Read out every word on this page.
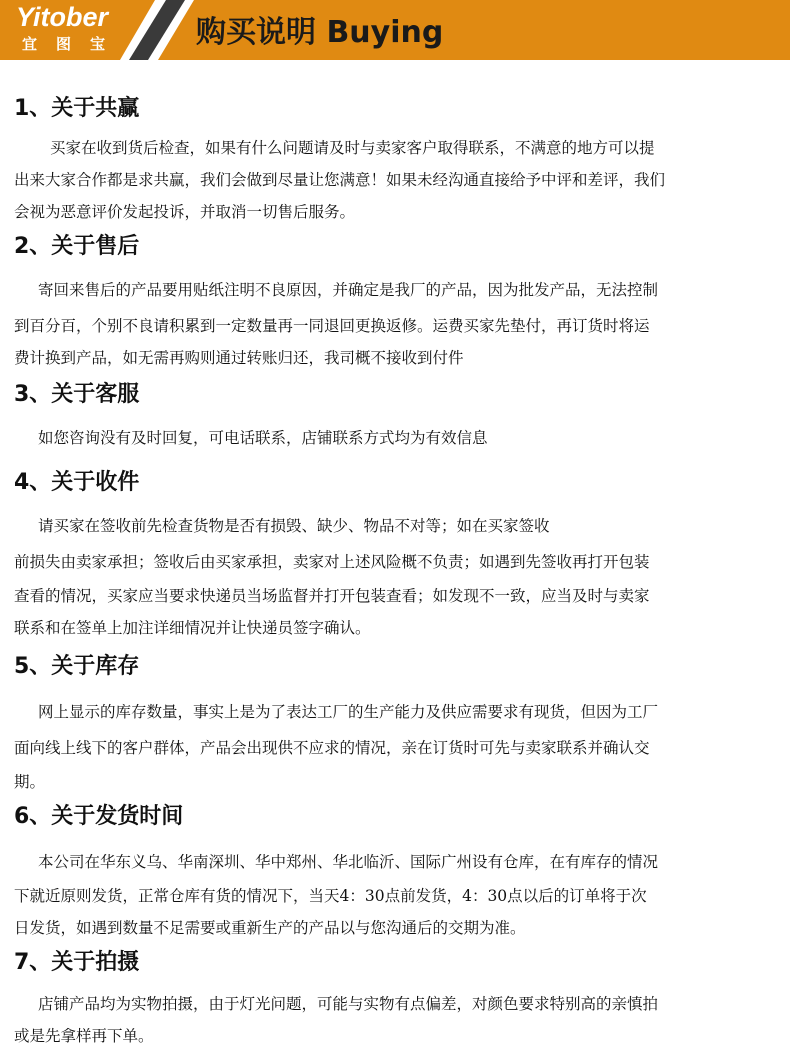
Yitober
宜图宝 购买说明 Buying
1、关于共赢
买家在收到货后检查，如果有什么问题请及时与卖家客户取得联系，不满意的地方可以提
出来大家合作都是求共赢，我们会做到尽量让您满意！如果未经沟通直接给予中评和差评，我们
会视为恶意评价发起投诉，并取消一切售后服务。
2、关于售后
寄回来售后的产品要用贴纸注明不良原因，并确定是我厂的产品，因为批发产品，无法控制
到百分百，个别不良请积累到一定数量再一同退回更换返修。运费买家先垫付，再订货时将运
费计换到产品，如无需再购则通过转账归还，我司概不接收到付件
3、关于客服
如您咨询没有及时回复，可电话联系，店铺联系方式均为有效信息
4、关于收件
请买家在签收前先检查货物是否有损毁、缺少、物品不对等；如在买家签收
前损失由卖家承担；签收后由买家承担，卖家对上述风险概不负责；如遇到先签收再打开包装
查看的情况，买家应当要求快递员当场监督并打开包装查看；如发现不一致，应当及时与卖家
联系和在签单上加注详细情况并让快递员签字确认。
5、关于库存
网上显示的库存数量，事实上是为了表达工厂的生产能力及供应需要求有现货，但因为工厂
面向线上线下的客户群体，产品会出现供不应求的情况，亲在订货时可先与卖家联系并确认交
期。
6、关于发货时间
本公司在华东义乌、华南深圳、华中郑州、华北临沂、国际广州设有仓库，在有库存的情况
下就近原则发货，正常仓库有货的情况下，当天4：30点前发货，4：30点以后的订单将于次
日发货，如遇到数量不足需要或重新生产的产品以与您沟通后的交期为准。
7、关于拍摄
店铺产品均为实物拍摄，由于灯光问题，可能与实物有点偏差，对颜色要求特别高的亲慎拍
或是先拿样再下单。
